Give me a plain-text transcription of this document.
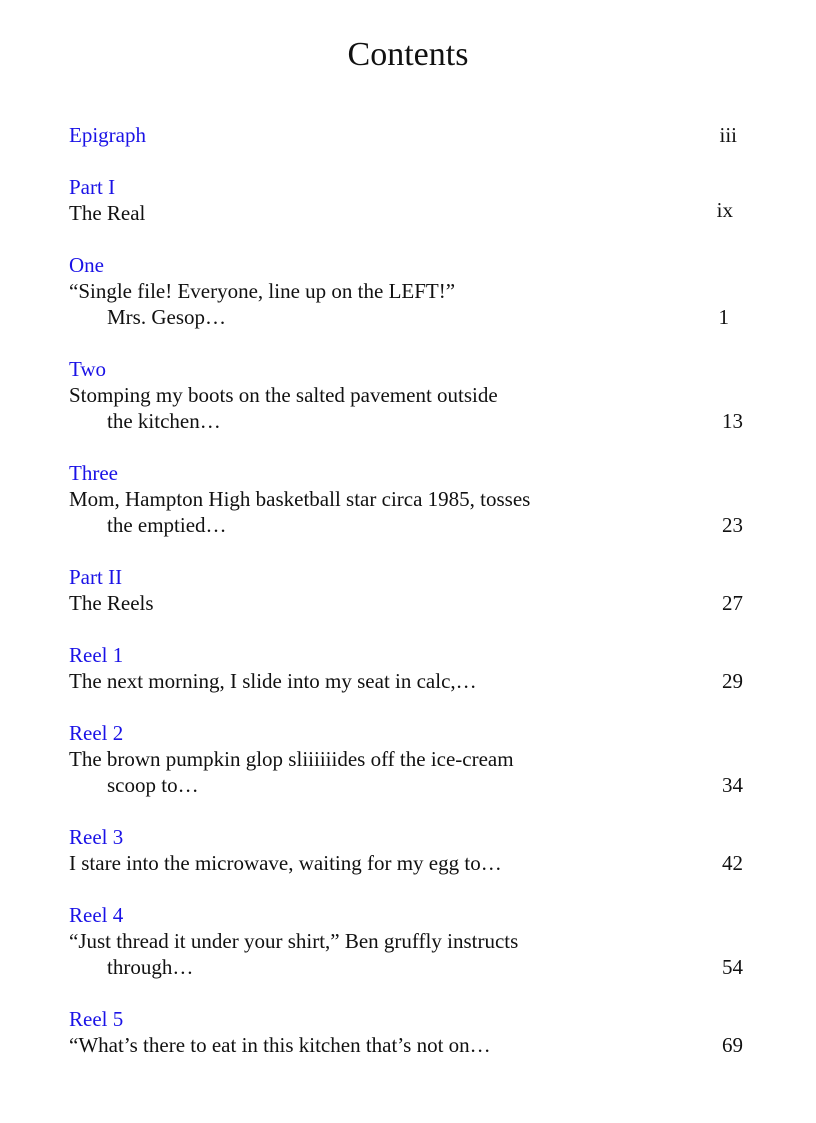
Contents
Epigraph	iii
Part I
The Real	ix
One
“Single file! Everyone, line up on the LEFT!”
Mrs. Gesop…	1
Two
Stomping my boots on the salted pavement outside
the kitchen…	13
Three
Mom, Hampton High basketball star circa 1985, tosses
the emptied…	23
Part II
The Reels	27
Reel 1
The next morning, I slide into my seat in calc,…	29
Reel 2
The brown pumpkin glop sliiiiiides off the ice-cream
scoop to…	34
Reel 3
I stare into the microwave, waiting for my egg to…	42
Reel 4
“Just thread it under your shirt,” Ben gruffly instructs
through…	54
Reel 5
“What’s there to eat in this kitchen that’s not on…	69
